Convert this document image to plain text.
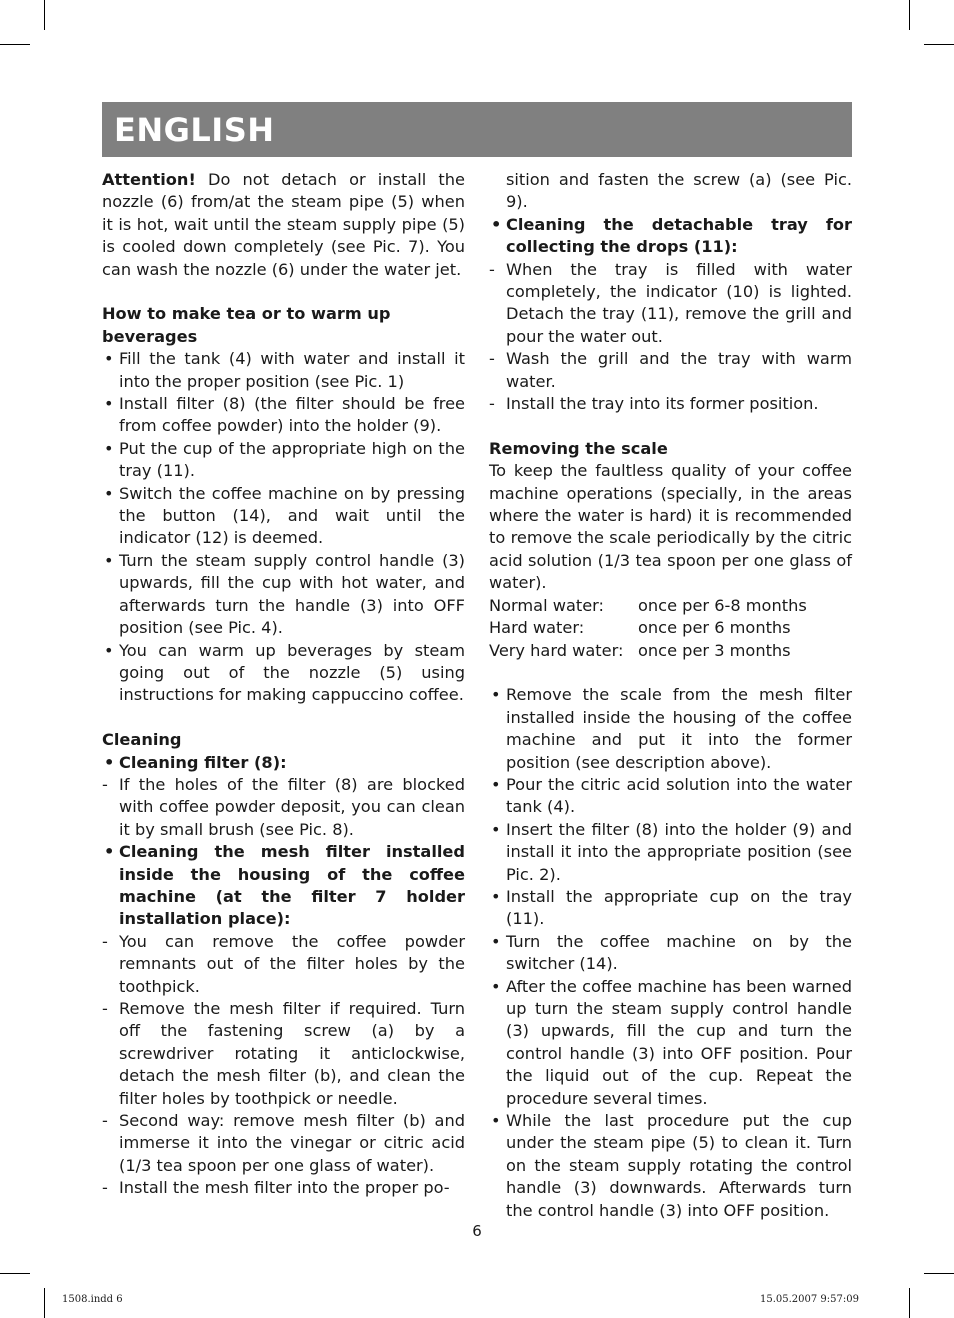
ENGLISH

Attention! Do not detach or install the nozzle (6) from/at the steam pipe (5) when it is hot, wait until the steam supply pipe (5) is cooled down completely (see Pic. 7). You can wash the nozzle (6) under the water jet.

How to make tea or to warm up beverages

• Fill the tank (4) with water and install it into the proper position (see Pic. 1)
• Install filter (8) (the filter should be free from coffee powder) into the holder (9).
• Put the cup of the appropriate high on the tray (11).
• Switch the coffee machine on by pressing the button (14), and wait until the indicator (12) is deemed.
• Turn the steam supply control handle (3) upwards, fill the cup with hot water, and afterwards turn the handle (3) into OFF position (see Pic. 4).
• You can warm up beverages by steam going out of the nozzle (5) using instructions for making cappuccino coffee.

Cleaning

• Cleaning filter (8):
- If the holes of the filter (8) are blocked with coffee powder deposit, you can clean it by small brush (see Pic. 8).
• Cleaning the mesh filter installed inside the housing of the coffee machine (at the filter 7 holder installation place):
- You can remove the coffee powder remnants out of the filter holes by the toothpick.
- Remove the mesh filter if required. Turn off the fastening screw (a) by a screwdriver rotating it anticlockwise, detach the mesh filter (b), and clean the filter holes by toothpick or needle.
- Second way: remove mesh filter (b) and immerse it into the vinegar or citric acid (1/3 tea spoon per one glass of water).
- Install the mesh filter into the proper po-
sition and fasten the screw (a) (see Pic. 9).
• Cleaning the detachable tray for collecting the drops (11):
- When the tray is filled with water completely, the indicator (10) is lighted. Detach the tray (11), remove the grill and pour the water out.
- Wash the grill and the tray with warm water.
- Install the tray into its former position.

Removing the scale

To keep the faultless quality of your coffee machine operations (specially, in the areas where the water is hard) it is recommended to remove the scale periodically by the citric acid solution (1/3 tea spoon per one glass of water).

Normal water:	once per 6-8 months
Hard water:	once per 6 months
Very hard water: once per 3 months
• Remove the scale from the mesh filter installed inside the housing of the coffee machine and put it into the former position (see description above).
• Pour the citric acid solution into the water tank (4).
• Insert the filter (8) into the holder (9) and install it into the appropriate position (see Pic. 2).
• Install the appropriate cup on the tray (11).
• Turn the coffee machine on by the switcher (14).
• After the coffee machine has been warned up turn the steam supply control handle (3) upwards, fill the cup and turn the control handle (3) into OFF position. Pour the liquid out of the cup. Repeat the procedure several times.
• While the last procedure put the cup under the steam pipe (5) to clean it. Turn on the steam supply rotating the control handle (3) downwards. Afterwards turn the control handle (3) into OFF position.
6
1508.indd 6	15.05.2007 9:57:09
